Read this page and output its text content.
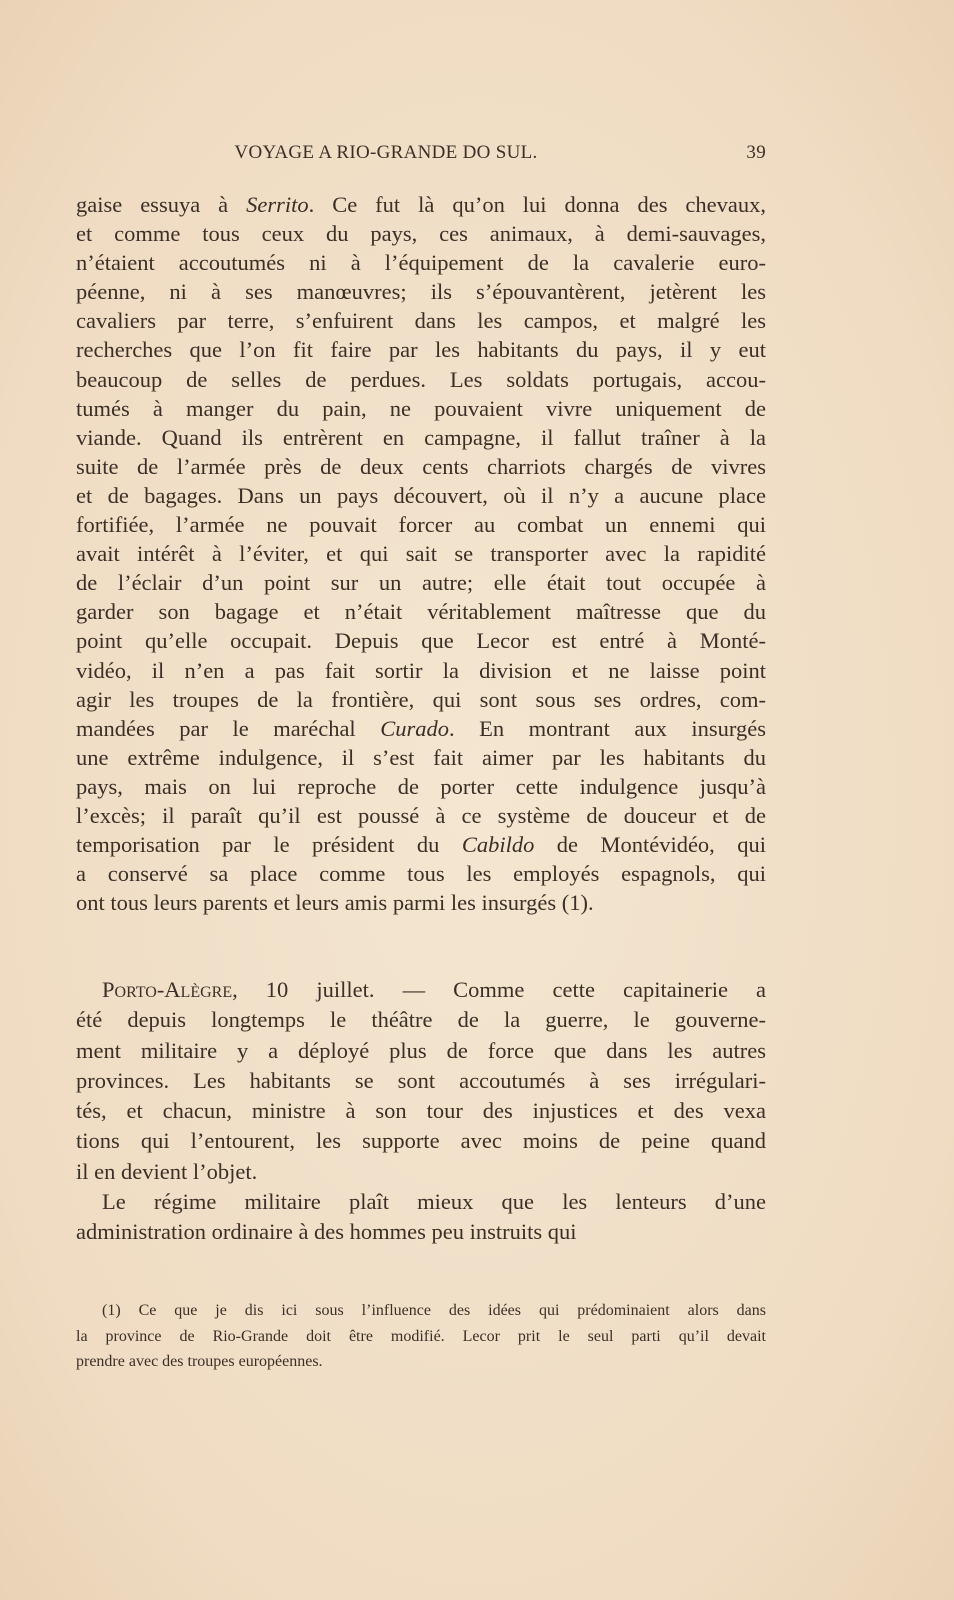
VOYAGE A RIO-GRANDE DO SUL.	39
gaise essuya à Serrito. Ce fut là qu’on lui donna des chevaux,
et comme tous ceux du pays, ces animaux, à demi-sauvages,
n’étaient accoutumés ni à l’équipement de la cavalerie euro-
péenne, ni à ses manœuvres; ils s’épouvantèrent, jetèrent les
cavaliers par terre, s’enfuirent dans les campos, et malgré les
recherches que l’on fit faire par les habitants du pays, il y eut
beaucoup de selles de perdues. Les soldats portugais, accou-
tumés à manger du pain, ne pouvaient vivre uniquement de
viande. Quand ils entrèrent en campagne, il fallut traîner à la
suite de l’armée près de deux cents charriots chargés de vivres
et de bagages. Dans un pays découvert, où il n’y a aucune place
fortifiée, l’armée ne pouvait forcer au combat un ennemi qui
avait intérêt à l’éviter, et qui sait se transporter avec la rapidité
de l’éclair d’un point sur un autre; elle était tout occupée à
garder son bagage et n’était véritablement maîtresse que du
point qu’elle occupait. Depuis que Lecor est entré à Monté-
vidéo, il n’en a pas fait sortir la division et ne laisse point
agir les troupes de la frontière, qui sont sous ses ordres, com-
mandées par le maréchal Curado. En montrant aux insurgés
une extrême indulgence, il s’est fait aimer par les habitants du
pays, mais on lui reproche de porter cette indulgence jusqu’à
l’excès; il paraît qu’il est poussé à ce système de douceur et de
temporisation par le président du Cabildo de Montévidéo, qui
a conservé sa place comme tous les employés espagnols, qui
ont tous leurs parents et leurs amis parmi les insurgés (1).
Porto-Alègre, 10 juillet. — Comme cette capitainerie a
été depuis longtemps le théâtre de la guerre, le gouverne-
ment militaire y a déployé plus de force que dans les autres
provinces. Les habitants se sont accoutumés à ses irrégulari-
tés, et chacun, ministre à son tour des injustices et des vexa
tions qui l’entourent, les supporte avec moins de peine quand
il en devient l’objet.
Le régime militaire plaît mieux que les lenteurs d’une
administration ordinaire à des hommes peu instruits qui
(1) Ce que je dis ici sous l’influence des idées qui prédominaient alors dans
la province de Rio-Grande doit être modifié. Lecor prit le seul parti qu’il devait
prendre avec des troupes européennes.
